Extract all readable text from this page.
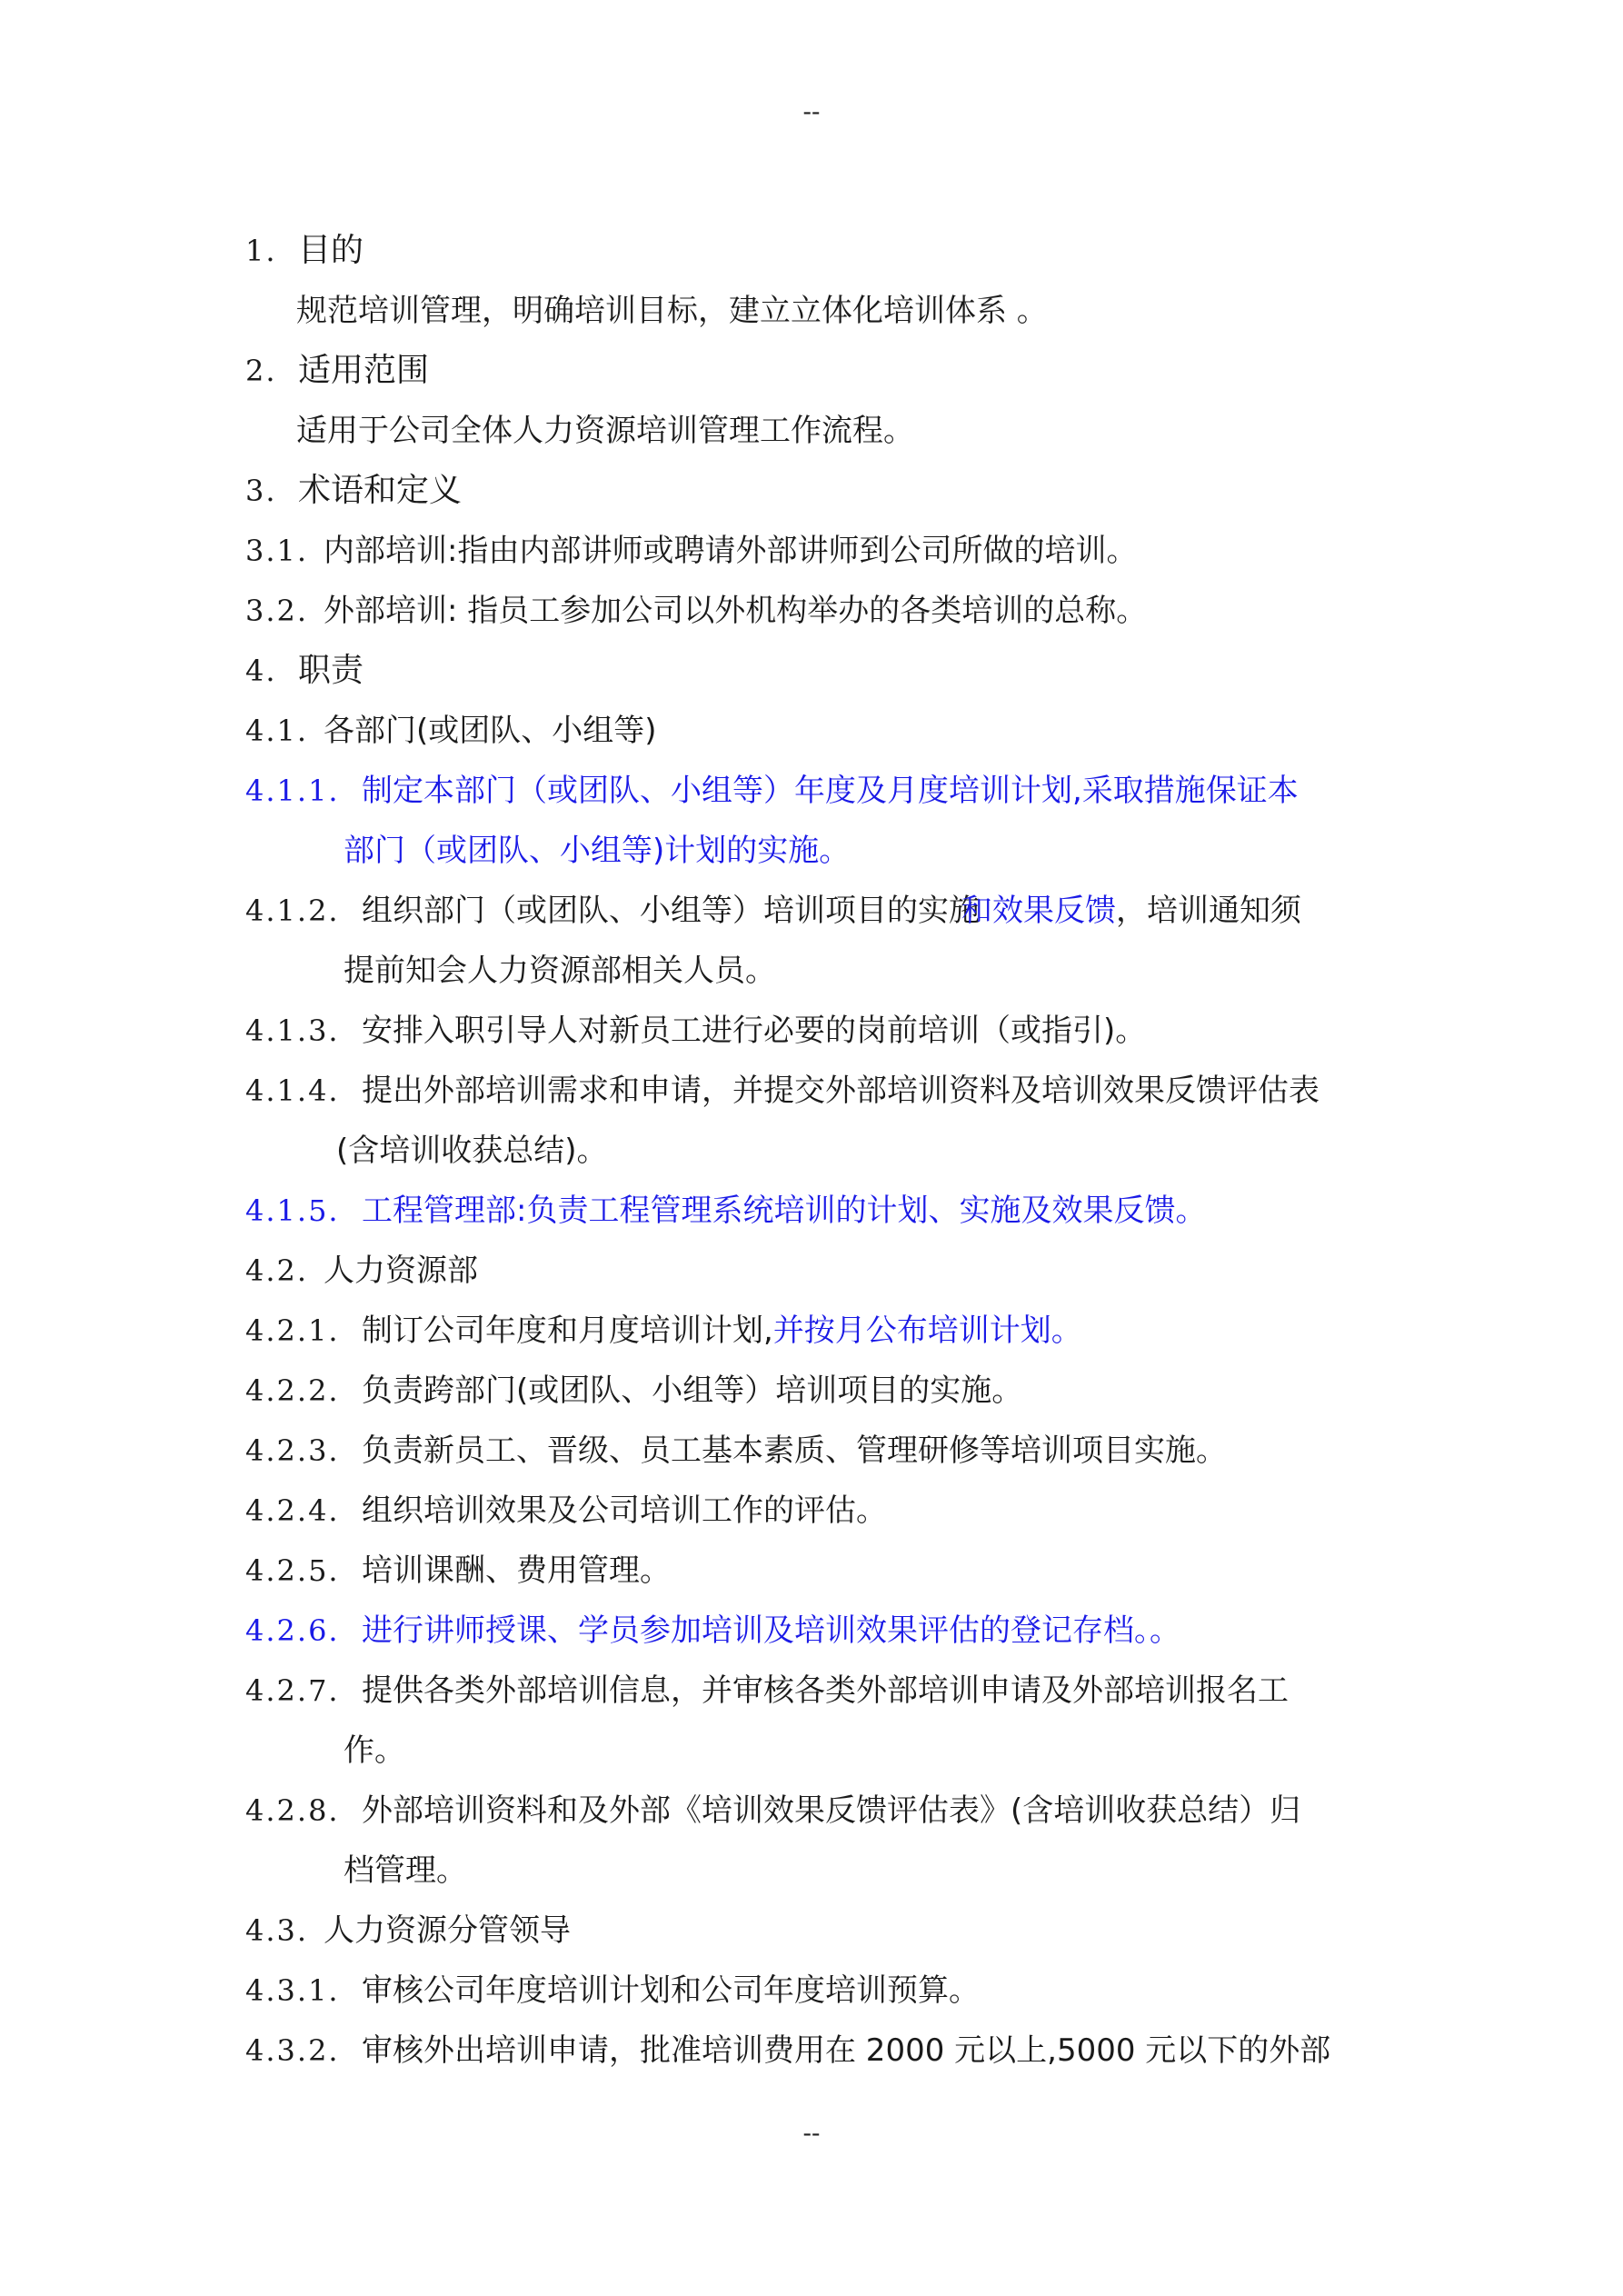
--
1. 目的
规范培训管理，明确培训目标，建立立体化培训体系 。
2. 适用范围
适用于公司全体人力资源培训管理工作流程。
3. 术语和定义
3.1. 内部培训:指由内部讲师或聘请外部讲师到公司所做的培训。
3.2. 外部培训: 指员工参加公司以外机构举办的各类培训的总称。
4. 职责
4.1. 各部门(或团队、小组等)
4.1.1. 制定本部门（或团队、小组等）年度及月度培训计划,采取措施保证本
部门（或团队、小组等)计划的实施。
4.1.2. 组织部门（或团队、小组等）培训项目的实施和效果反馈，培训通知须
提前知会人力资源部相关人员。
4.1.3. 安排入职引导人对新员工进行必要的岗前培训（或指引)。
4.1.4. 提出外部培训需求和申请，并提交外部培训资料及培训效果反馈评估表
(含培训收获总结)。
4.1.5. 工程管理部:负责工程管理系统培训的计划、实施及效果反馈。
4.2. 人力资源部
4.2.1. 制订公司年度和月度培训计划,并按月公布培训计划。
4.2.2. 负责跨部门(或团队、小组等）培训项目的实施。
4.2.3. 负责新员工、晋级、员工基本素质、管理研修等培训项目实施。
4.2.4. 组织培训效果及公司培训工作的评估。
4.2.5. 培训课酬、费用管理。
4.2.6. 进行讲师授课、学员参加培训及培训效果评估的登记存档。。
4.2.7. 提供各类外部培训信息，并审核各类外部培训申请及外部培训报名工
作。
4.2.8. 外部培训资料和及外部《培训效果反馈评估表》(含培训收获总结）归
档管理。
4.3. 人力资源分管领导
4.3.1. 审核公司年度培训计划和公司年度培训预算。
4.3.2. 审核外出培训申请，批准培训费用在 2000 元以上,5000 元以下的外部
--
